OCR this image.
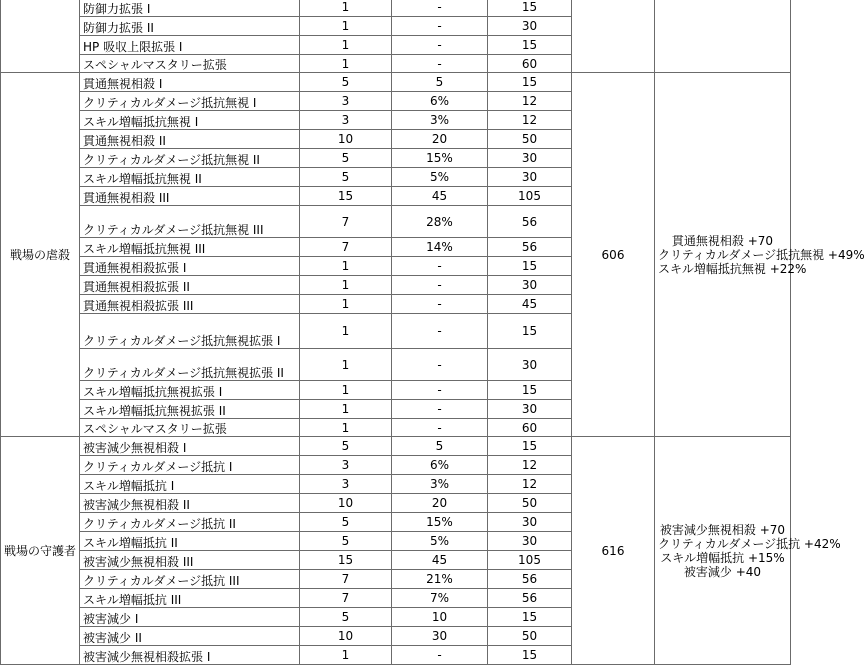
	防御力拡張 I	1	-	15		
	防御力拡張 II	1	-	30		
	HP 吸収上限拡張 I	1	-	15		
	スペシャルマスタリー拡張	1	-	60		
戦場の虐殺	貫通無視相殺 I	5	5	15	606	貫通無視相殺 +70
クリティカルダメージ抵抗無視 +49%
スキル増幅抵抗無視 +22%

	クリティカルダメージ抵抗無視 I	3	6%	12		
	スキル増幅抵抗無視 I	3	3%	12		
	貫通無視相殺 II	10	20	50		
	クリティカルダメージ抵抗無視 II	5	15%	30		
	スキル増幅抵抗無視 II	5	5%	30		
	貫通無視相殺 III	15	45	105		
	クリティカルダメージ抵抗無視 III	7	28%	56		
	スキル増幅抵抗無視 III	7	14%	56		
	貫通無視相殺拡張 I	1	-	15		
	貫通無視相殺拡張 II	1	-	30		
	貫通無視相殺拡張 III	1	-	45		
	クリティカルダメージ抵抗無視拡張 I	1	-	15		
	クリティカルダメージ抵抗無視拡張 II	1	-	30		
	スキル増幅抵抗無視拡張 I	1	-	15		
	スキル増幅抵抗無視拡張 II	1	-	30		
	スペシャルマスタリー拡張	1	-	60		
戦場の守護者	被害減少無視相殺 I	5	5	15	616	被害減少無視相殺 +70
クリティカルダメージ抵抗 +42%
スキル増幅抵抗 +15%
被害減少 +40

	クリティカルダメージ抵抗 I	3	6%	12		
	スキル増幅抵抗 I	3	3%	12		
	被害減少無視相殺 II	10	20	50		
	クリティカルダメージ抵抗 II	5	15%	30		
	スキル増幅抵抗 II	5	5%	30		
	被害減少無視相殺 III	15	45	105		
	クリティカルダメージ抵抗 III	7	21%	56		
	スキル増幅抵抗 III	7	7%	56		
	被害減少 I	5	10	15		
	被害減少 II	10	30	50		
	被害減少無視相殺拡張 I	1	-	15		
